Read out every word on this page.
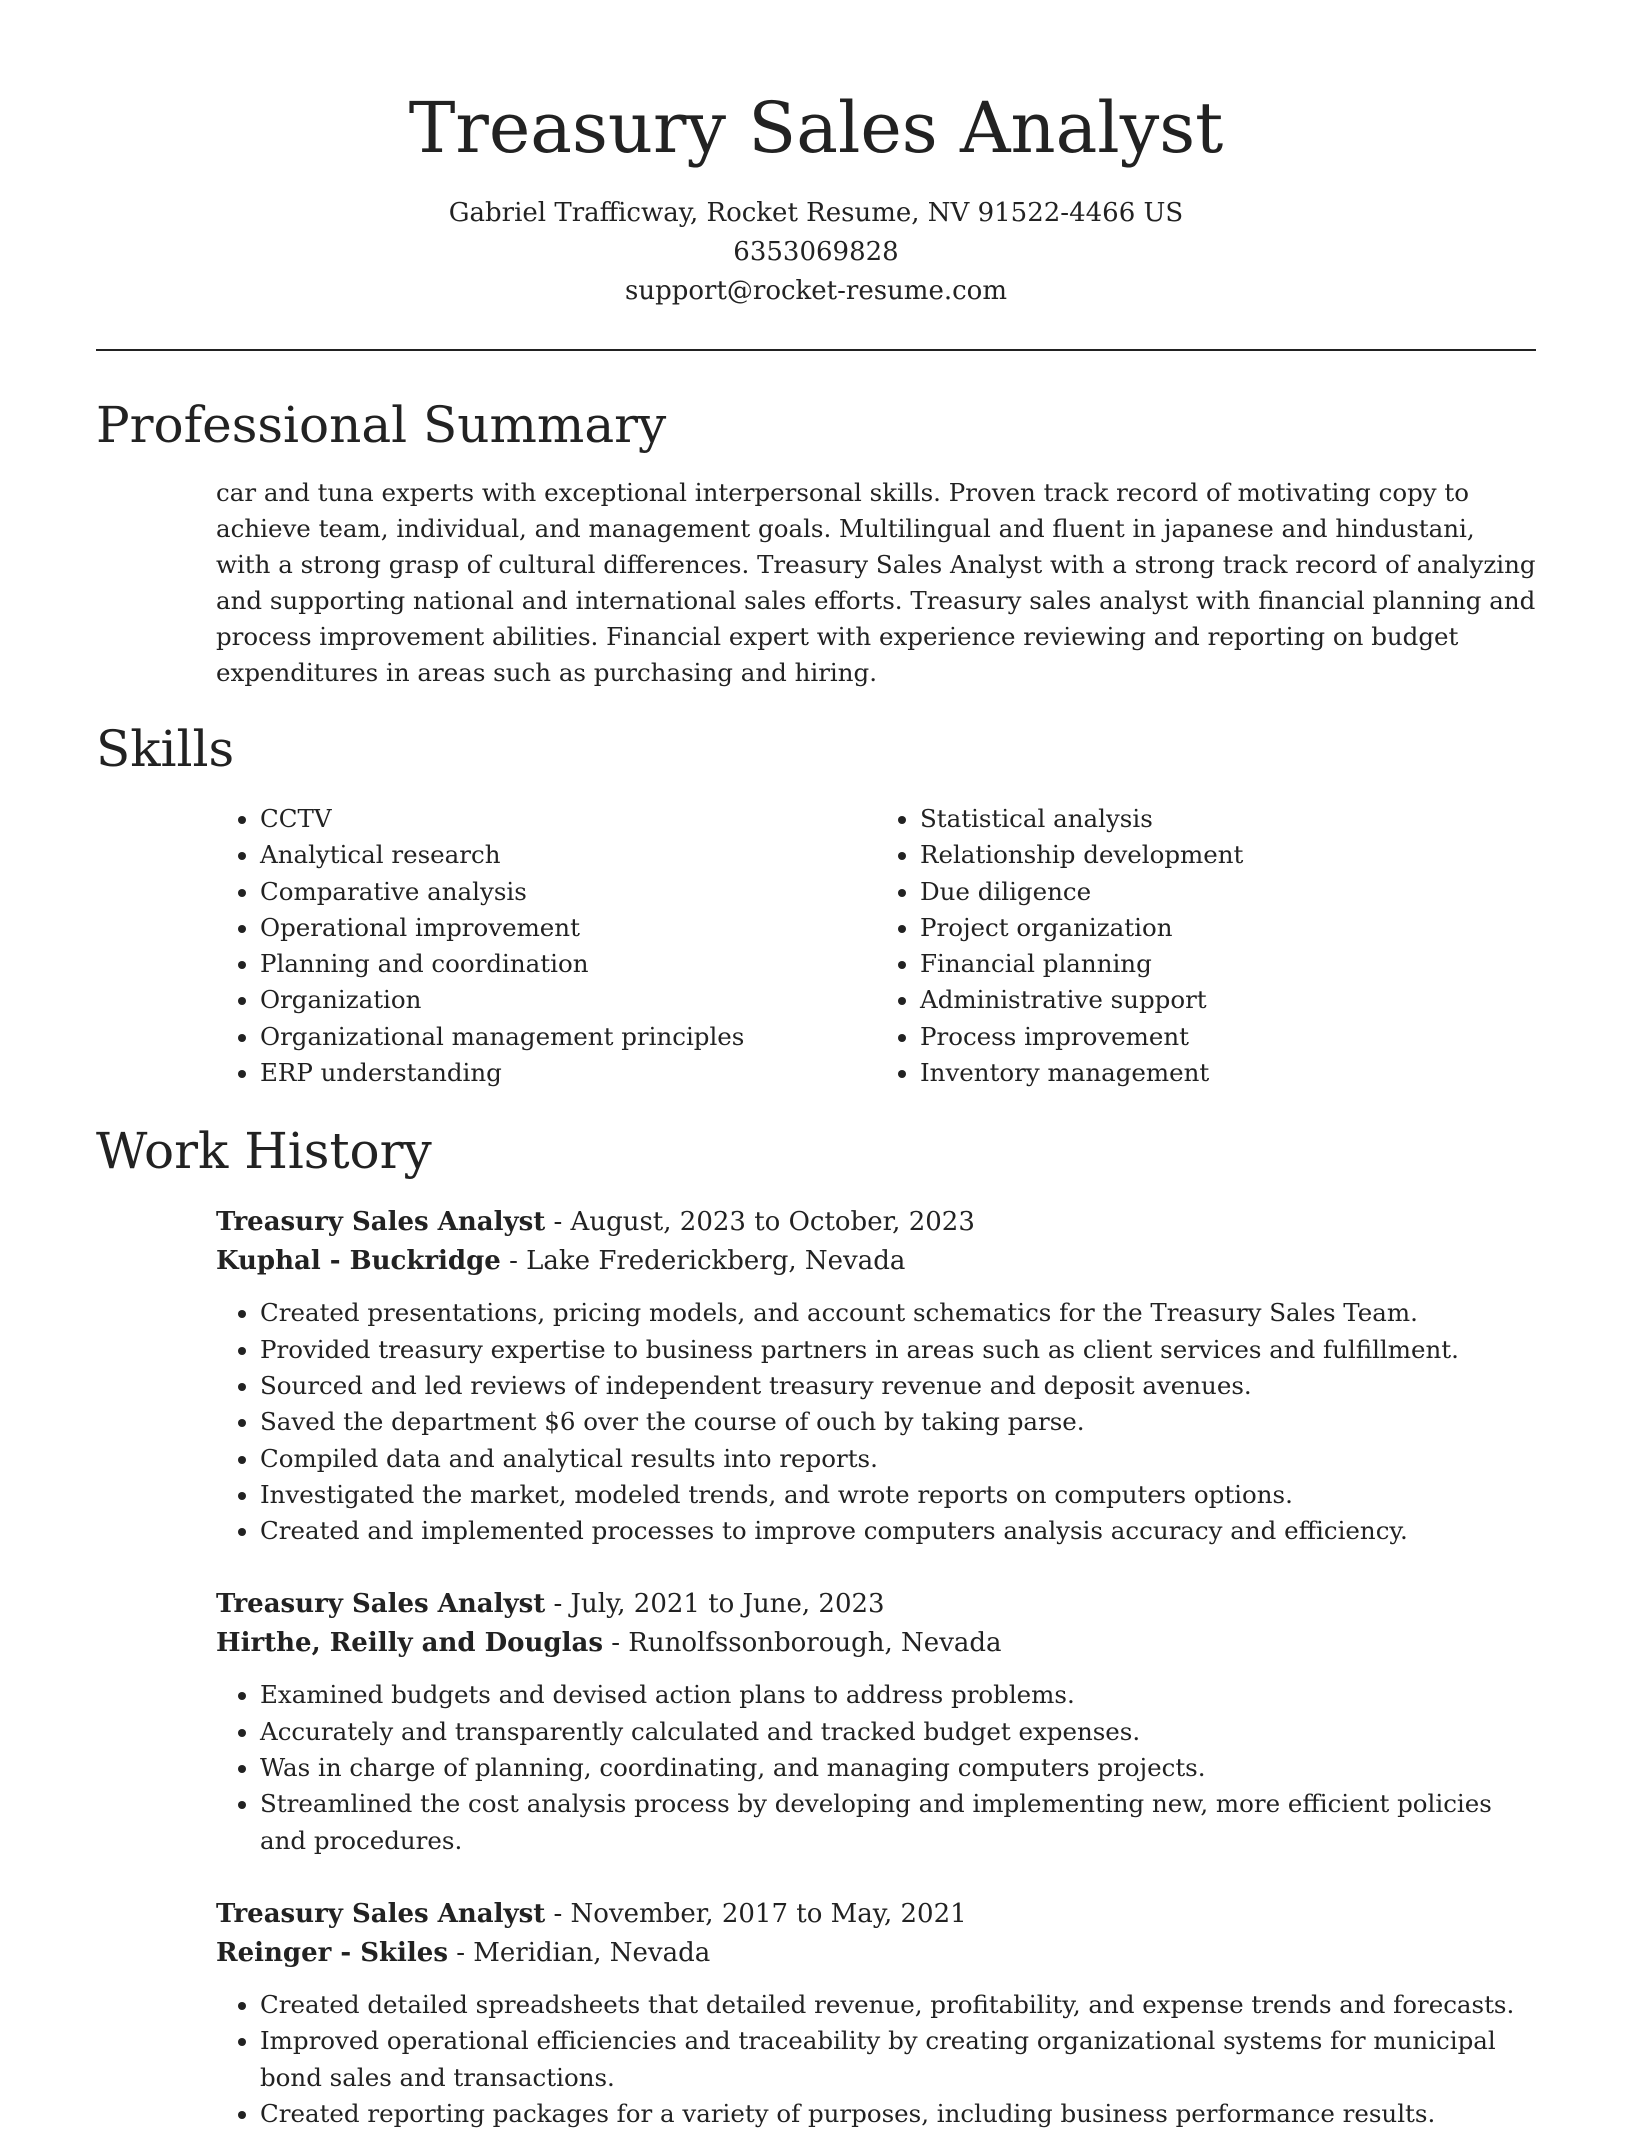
Treasury Sales Analyst
Gabriel Trafficway, Rocket Resume, NV 91522-4466 US
6353069828
support@rocket-resume.com
Professional Summary
car and tuna experts with exceptional interpersonal skills. Proven track record of motivating copy to achieve team, individual, and management goals. Multilingual and fluent in japanese and hindustani, with a strong grasp of cultural differences. Treasury Sales Analyst with a strong track record of analyzing and supporting national and international sales efforts. Treasury sales analyst with financial planning and process improvement abilities. Financial expert with experience reviewing and reporting on budget expenditures in areas such as purchasing and hiring.
Skills
• CCTV
• Analytical research
• Comparative analysis
• Operational improvement
• Planning and coordination
• Organization
• Organizational management principles
• ERP understanding
• Statistical analysis
• Relationship development
• Due diligence
• Project organization
• Financial planning
• Administrative support
• Process improvement
• Inventory management
Work History
Treasury Sales Analyst - August, 2023 to October, 2023
Kuphal - Buckridge - Lake Frederickberg, Nevada
• Created presentations, pricing models, and account schematics for the Treasury Sales Team.
• Provided treasury expertise to business partners in areas such as client services and fulfillment.
• Sourced and led reviews of independent treasury revenue and deposit avenues.
• Saved the department $6 over the course of ouch by taking parse.
• Compiled data and analytical results into reports.
• Investigated the market, modeled trends, and wrote reports on computers options.
• Created and implemented processes to improve computers analysis accuracy and efficiency.
Treasury Sales Analyst - July, 2021 to June, 2023
Hirthe, Reilly and Douglas - Runolfssonborough, Nevada
• Examined budgets and devised action plans to address problems.
• Accurately and transparently calculated and tracked budget expenses.
• Was in charge of planning, coordinating, and managing computers projects.
• Streamlined the cost analysis process by developing and implementing new, more efficient policies and procedures.
Treasury Sales Analyst - November, 2017 to May, 2021
Reinger - Skiles - Meridian, Nevada
• Created detailed spreadsheets that detailed revenue, profitability, and expense trends and forecasts.
• Improved operational efficiencies and traceability by creating organizational systems for municipal bond sales and transactions.
• Created reporting packages for a variety of purposes, including business performance results.
